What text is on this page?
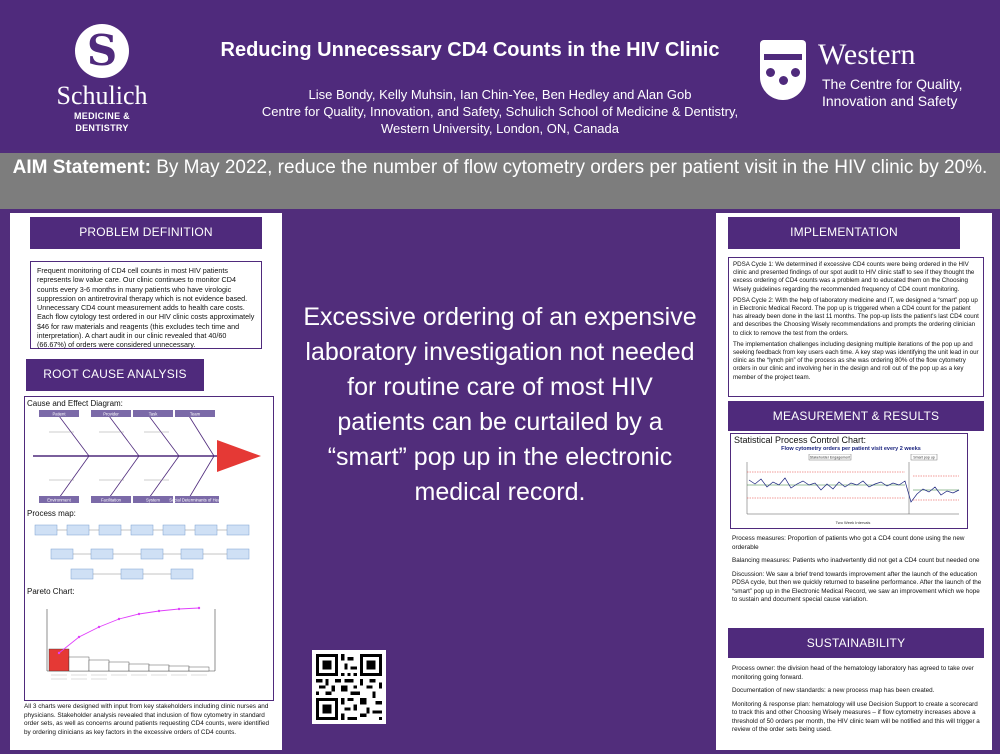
S
Schulich
MEDICINE & DENTISTRY
Reducing Unnecessary CD4 Counts in the HIV Clinic
Lise Bondy, Kelly Muhsin, Ian Chin-Yee, Ben Hedley and Alan Gob
Centre for Quality, Innovation, and Safety, Schulich School of Medicine & Dentistry,
Western University, London, ON, Canada
Western
The Centre for Quality, Innovation and Safety
AIM Statement: By May 2022, reduce the number of flow cytometry orders per patient visit in the HIV clinic by 20%.
PROBLEM DEFINITION
Frequent monitoring of CD4 cell counts in most HIV patients represents low value care. Our clinic continues to monitor CD4 counts every 3-6 months in many patients who have virologic suppression on antiretroviral therapy which is not evidence based. Unnecessary CD4 count measurement adds to health care costs. Each flow cytology test ordered in our HIV clinic costs approximately $46 for raw materials and reagents (this excludes tech time and interpretation). A chart audit in our clinic revealed that 40/60 (66.67%) of orders were considered unnecessary.
ROOT CAUSE ANALYSIS
Cause and Effect Diagram:
Patient	Provider	Task	Team
Environment	Facilitation	System Social Determinants of Health
Process map:
Pareto Chart:
All 3 charts were designed with input from key stakeholders including clinic nurses and physicians. Stakeholder analysis revealed that inclusion of flow cytometry in standard order sets, as well as concerns around patients requesting CD4 counts, were identified by ordering clinicians as key factors in the excessive orders of CD4 counts.
Excessive ordering of an expensive laboratory investigation not needed for routine care of most HIV patients can be curtailed by a “smart” pop up in the electronic medical record.
IMPLEMENTATION

PDSA Cycle 1: We determined if excessive CD4 counts were being ordered in the HIV clinic and presented findings of our spot audit to HIV clinic staff to see if they thought the excess ordering of CD4 counts was a problem and to educated them on the Choosing Wisely guidelines regarding the recommended frequency of CD4 count monitoring.

PDSA Cycle 2: With the help of laboratory medicine and IT, we designed a “smart” pop up in Electronic Medical Record. The pop up is triggered when a CD4 count for the patient has already been done in the last 11 months. The pop-up lists the patient's last CD4 count and describes the Choosing Wisely recommendations and prompts the ordering clinician to click to remove the test from the orders.

The implementation challenges including designing multiple iterations of the pop up and seeking feedback from key users each time. A key step was identifying the unit lead in our clinic as the “lynch pin” of the process as she was ordering 80% of the flow cytometry orders in our clinic and involving her in the design and roll out of the pop up as a key member of the project team.

MEASUREMENT & RESULTS
Statistical Process Control Chart:
Flow cytometry orders per patient visit every 2 weeks
Stakeholder Engagement	Smart pop up
Two Week Intervals

Process measures: Proportion of patients who got a CD4 count done using the new orderable

Balancing measures: Patients who inadvertently did not get a CD4 count but needed one

Discussion: We saw a brief trend towards improvement after the launch of the education PDSA cycle, but then we quickly returned to baseline performance. After the launch of the “smart” pop up in the Electronic Medical Record, we saw an improvement which we hope to sustain and document special cause variation.

SUSTAINABILITY

Process owner: the division head of the hematology laboratory has agreed to take over monitoring going forward.

Documentation of new standards: a new process map has been created.

Monitoring & response plan: hematology will use Decision Support to create a scorecard to track this and other Choosing Wisely measures – if flow cytometry increases above a threshold of 50 orders per month, the HIV clinic team will be notified and this will trigger a review of the order sets being used.
